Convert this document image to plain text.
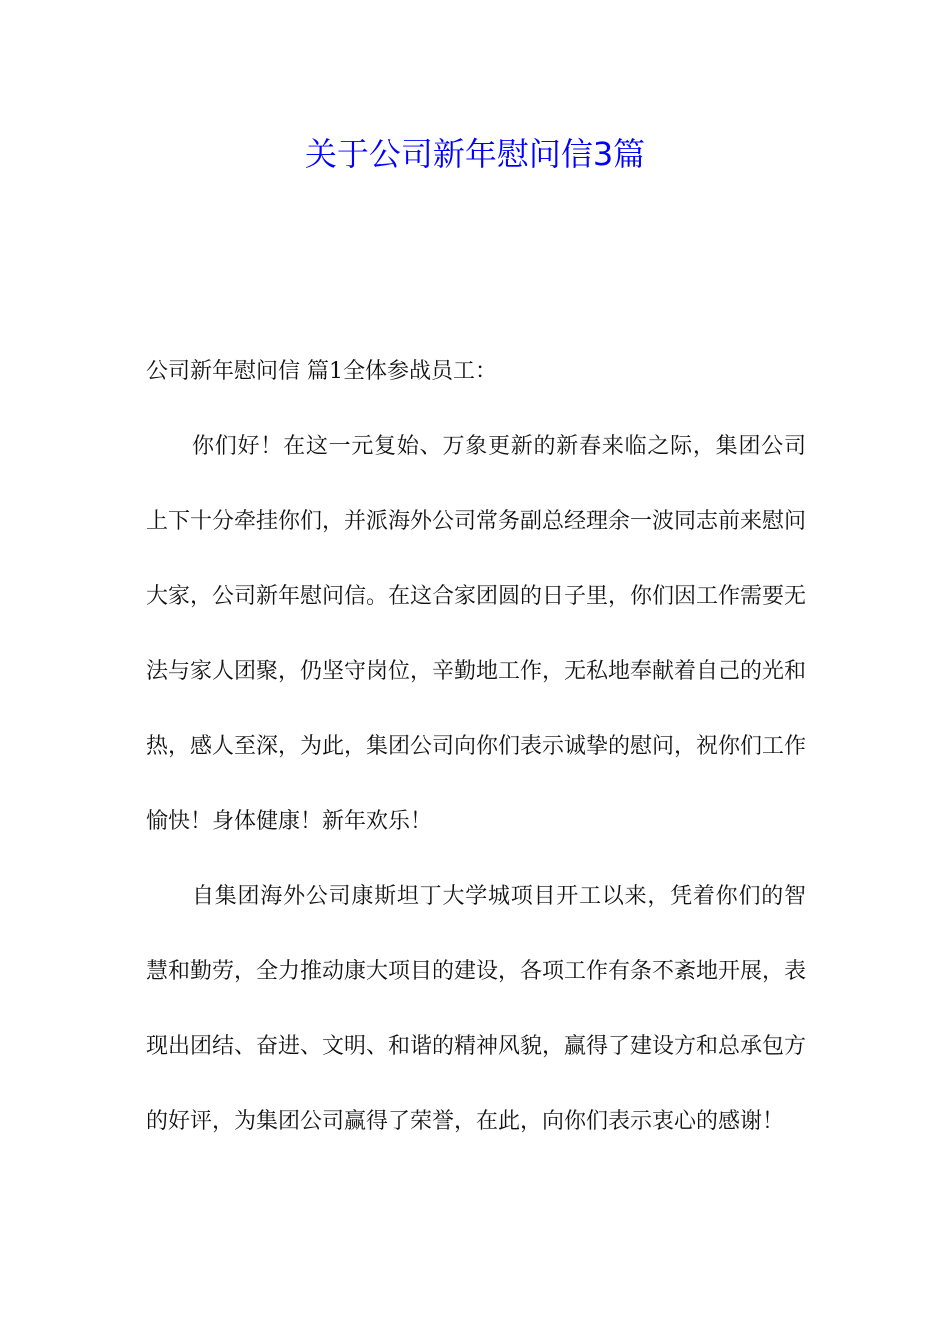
关于公司新年慰问信3篇

公司新年慰问信 篇1全体参战员工：

你们好！在这一元复始、万象更新的新春来临之际，集团公司上下十分牵挂你们，并派海外公司常务副总经理余一波同志前来慰问大家，公司新年慰问信。在这合家团圆的日子里，你们因工作需要无法与家人团聚，仍坚守岗位，辛勤地工作，无私地奉献着自己的光和热，感人至深，为此，集团公司向你们表示诚挚的慰问，祝你们工作愉快！身体健康！新年欢乐！

自集团海外公司康斯坦丁大学城项目开工以来，凭着你们的智慧和勤劳，全力推动康大项目的建设，各项工作有条不紊地开展，表现出团结、奋进、文明、和谐的精神风貌，赢得了建设方和总承包方的好评，为集团公司赢得了荣誉，在此，向你们表示衷心的感谢！
